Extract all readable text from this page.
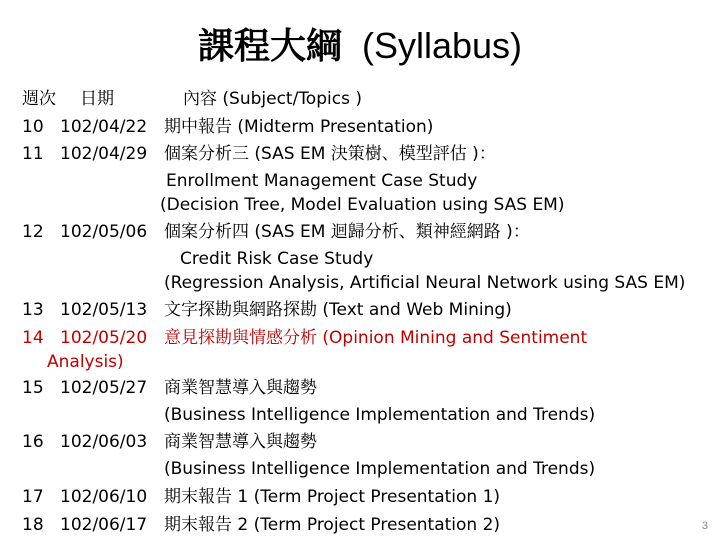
課程大綱 (Syllabus)
週次 日期	內容 (Subject/Topics )
10 102/04/22 期中報告 (Midterm Presentation)
11 102/04/29 個案分析三 (SAS EM 決策樹、模型評估 )：
Enrollment Management Case Study
(Decision Tree, Model Evaluation using SAS EM)
12 102/05/06 個案分析四 (SAS EM 迴歸分析、類神經網路 )：
Credit Risk Case Study
(Regression Analysis, Artificial Neural Network using SAS EM)
13 102/05/13 文字探勘與網路探勘 (Text and Web Mining)
14 102/05/20 意見探勘與情感分析 (Opinion Mining and Sentiment
Analysis)
15 102/05/27 商業智慧導入與趨勢
(Business Intelligence Implementation and Trends)
16 102/06/03 商業智慧導入與趨勢
(Business Intelligence Implementation and Trends)
17 102/06/10 期末報告 1 (Term Project Presentation 1)
18 102/06/17 期末報告 2 (Term Project Presentation 2)	3
